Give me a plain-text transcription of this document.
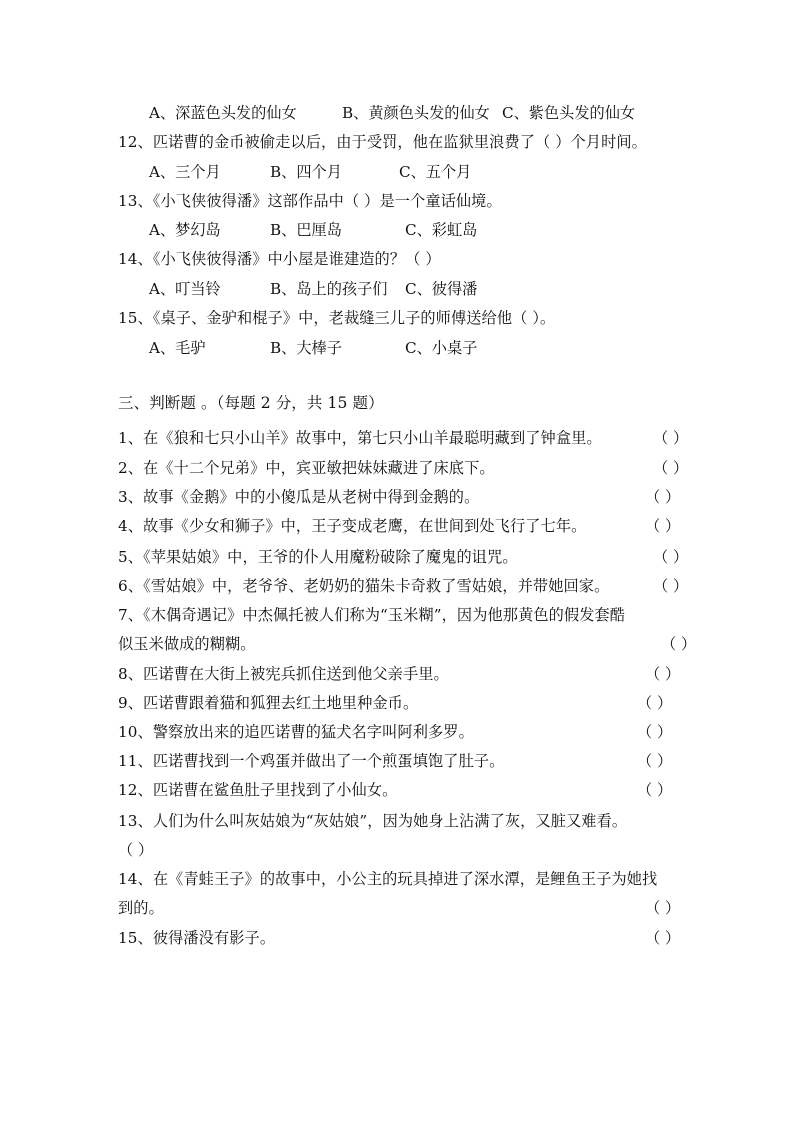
A、深蓝色头发的仙女	B、黄颜色头发的仙女 C、紫色头发的仙女
12、匹诺曹的金币被偷走以后，由于受罚，他在监狱里浪费了（ ）个月时间。
A、三个月	B、四个月	C、五个月
13、《小飞侠彼得潘》这部作品中（ ）是一个童话仙境。
A、梦幻岛	B、巴厘岛	C、彩虹岛
14、《小飞侠彼得潘》中小屋是谁建造的？（ ）
A、叮当铃	B、岛上的孩子们 C、彼得潘
15、《桌子、金驴和棍子》中，老裁缝三儿子的师傅送给他（ ）。
A、毛驴	B、大棒子	C、小桌子
三、判断题 。（每题 2 分，共 15 题）
1、在《狼和七只小山羊》故事中，第七只小山羊最聪明藏到了钟盒里。	（ ）
2、在《十二个兄弟》中，宾亚敏把妹妹藏进了床底下。	（ ）
3、故事《金鹅》中的小傻瓜是从老树中得到金鹅的。	（ ）
4、故事《少女和狮子》中，王子变成老鹰，在世间到处飞行了七年。	（ ）
5、《苹果姑娘》中，王爷的仆人用魔粉破除了魔鬼的诅咒。	（ ）
6、《雪姑娘》中，老爷爷、老奶奶的猫朱卡奇救了雪姑娘，并带她回家。	（ ）
7、《木偶奇遇记》中杰佩托被人们称为“玉米糊”，因为他那黄色的假发套酷
似玉米做成的糊糊。	（ ）
8、匹诺曹在大街上被宪兵抓住送到他父亲手里。	（ ）
9、匹诺曹跟着猫和狐狸去红土地里种金币。	（ ）
10、警察放出来的追匹诺曹的猛犬名字叫阿利多罗。	（ ）
11、匹诺曹找到一个鸡蛋并做出了一个煎蛋填饱了肚子。	（ ）
12、匹诺曹在鲨鱼肚子里找到了小仙女。	（ ）
13、人们为什么叫灰姑娘为“灰姑娘”，因为她身上沾满了灰，又脏又难看。
（ ）
14、在《青蛙王子》的故事中，小公主的玩具掉进了深水潭，是鲤鱼王子为她找
到的。	（ ）
15、彼得潘没有影子。	（ ）
